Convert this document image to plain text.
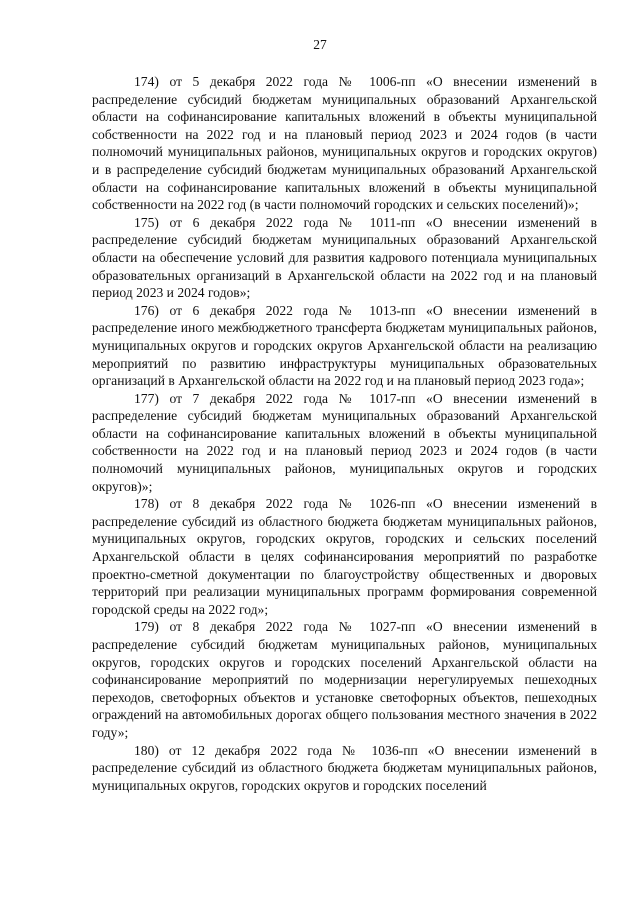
27

174) от 5 декабря 2022 года № 1006-пп «О внесении изменений в распределение субсидий бюджетам муниципальных образований Архангельской области на софинансирование капитальных вложений в объекты муниципальной собственности на 2022 год и на плановый период 2023 и 2024 годов (в части полномочий муниципальных районов, муниципальных округов и городских округов) и в распределение субсидий бюджетам муниципальных образований Архангельской области на софинансирование капитальных вложений в объекты муниципальной собственности на 2022 год (в части полномочий городских и сельских поселений)»;

175) от 6 декабря 2022 года № 1011-пп «О внесении изменений в распределение субсидий бюджетам муниципальных образований Архангельской области на обеспечение условий для развития кадрового потенциала муниципальных образовательных организаций в Архангельской области на 2022 год и на плановый период 2023 и 2024 годов»;

176) от 6 декабря 2022 года № 1013-пп «О внесении изменений в распределение иного межбюджетного трансферта бюджетам муниципальных районов, муниципальных округов и городских округов Архангельской области на реализацию мероприятий по развитию инфраструктуры муниципальных образовательных организаций в Архангельской области на 2022 год и на плановый период 2023 года»;

177) от 7 декабря 2022 года № 1017-пп «О внесении изменений в распределение субсидий бюджетам муниципальных образований Архангельской области на софинансирование капитальных вложений в объекты муниципальной собственности на 2022 год и на плановый период 2023 и 2024 годов (в части полномочий муниципальных районов, муниципальных округов и городских округов)»;

178) от 8 декабря 2022 года № 1026-пп «О внесении изменений в распределение субсидий из областного бюджета бюджетам муниципальных районов, муниципальных округов, городских округов, городских и сельских поселений Архангельской области в целях софинансирования мероприятий по разработке проектно-сметной документации по благоустройству общественных и дворовых территорий при реализации муниципальных программ формирования современной городской среды на 2022 год»;

179) от 8 декабря 2022 года № 1027-пп «О внесении изменений в распределение субсидий бюджетам муниципальных районов, муниципальных округов, городских округов и городских поселений Архангельской области на софинансирование мероприятий по модернизации нерегулируемых пешеходных переходов, светофорных объектов и установке светофорных объектов, пешеходных ограждений на автомобильных дорогах общего пользования местного значения в 2022 году»;

180) от 12 декабря 2022 года № 1036-пп «О внесении изменений в распределение субсидий из областного бюджета бюджетам муниципальных районов, муниципальных округов, городских округов и городских поселений
